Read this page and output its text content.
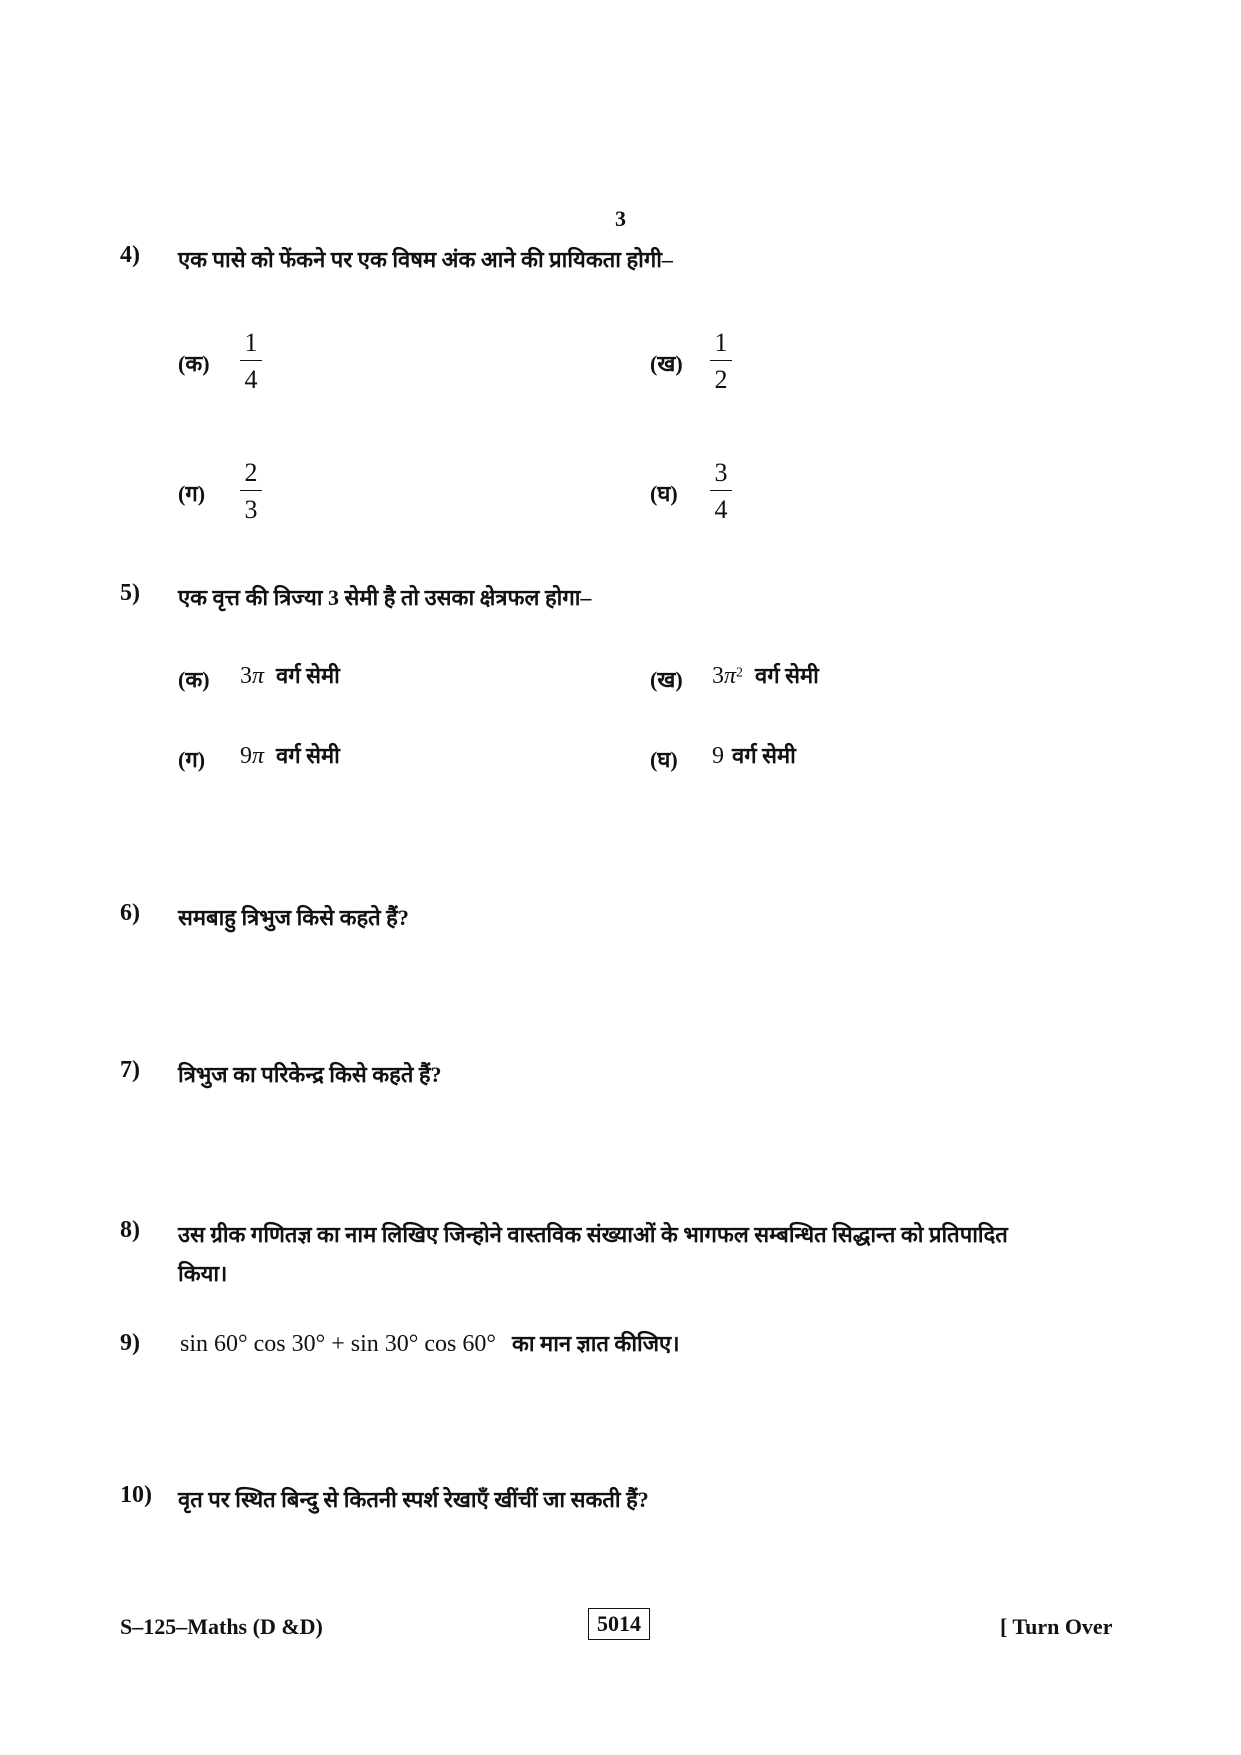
3
4) एक पासे को फेंकने पर एक विषम अंक आने की प्रायिकता होगी–
(क) $\frac{1}{4}$	(ख) $\frac{1}{2}$
(ग) $\frac{2}{3}$	(घ) $\frac{3}{4}$
5) एक वृत्त की त्रिज्या 3 सेमी है तो उसका क्षेत्रफल होगा–
(क) 3π वर्ग सेमी	(ख) $3\pi^2$ वर्ग सेमी
(ग) 9π वर्ग सेमी	(घ) 9 वर्ग सेमी
6) समबाहु त्रिभुज किसे कहते हैं?
7) त्रिभुज का परिकेन्द्र किसे कहते हैं?
8) उस ग्रीक गणितज्ञ का नाम लिखिए जिन्होने वास्तविक संख्याओं के भागफल सम्बन्धित सिद्धान्त को प्रतिपादित
किया।
9) sin 60° cos 30° + sin 30° cos 60° का मान ज्ञात कीजिए।
10) वृत पर स्थित बिन्दु से कितनी स्पर्श रेखाएँ खींचीं जा सकती हैं?
S–125–Maths (D &D)	5014	[ Turn Over
